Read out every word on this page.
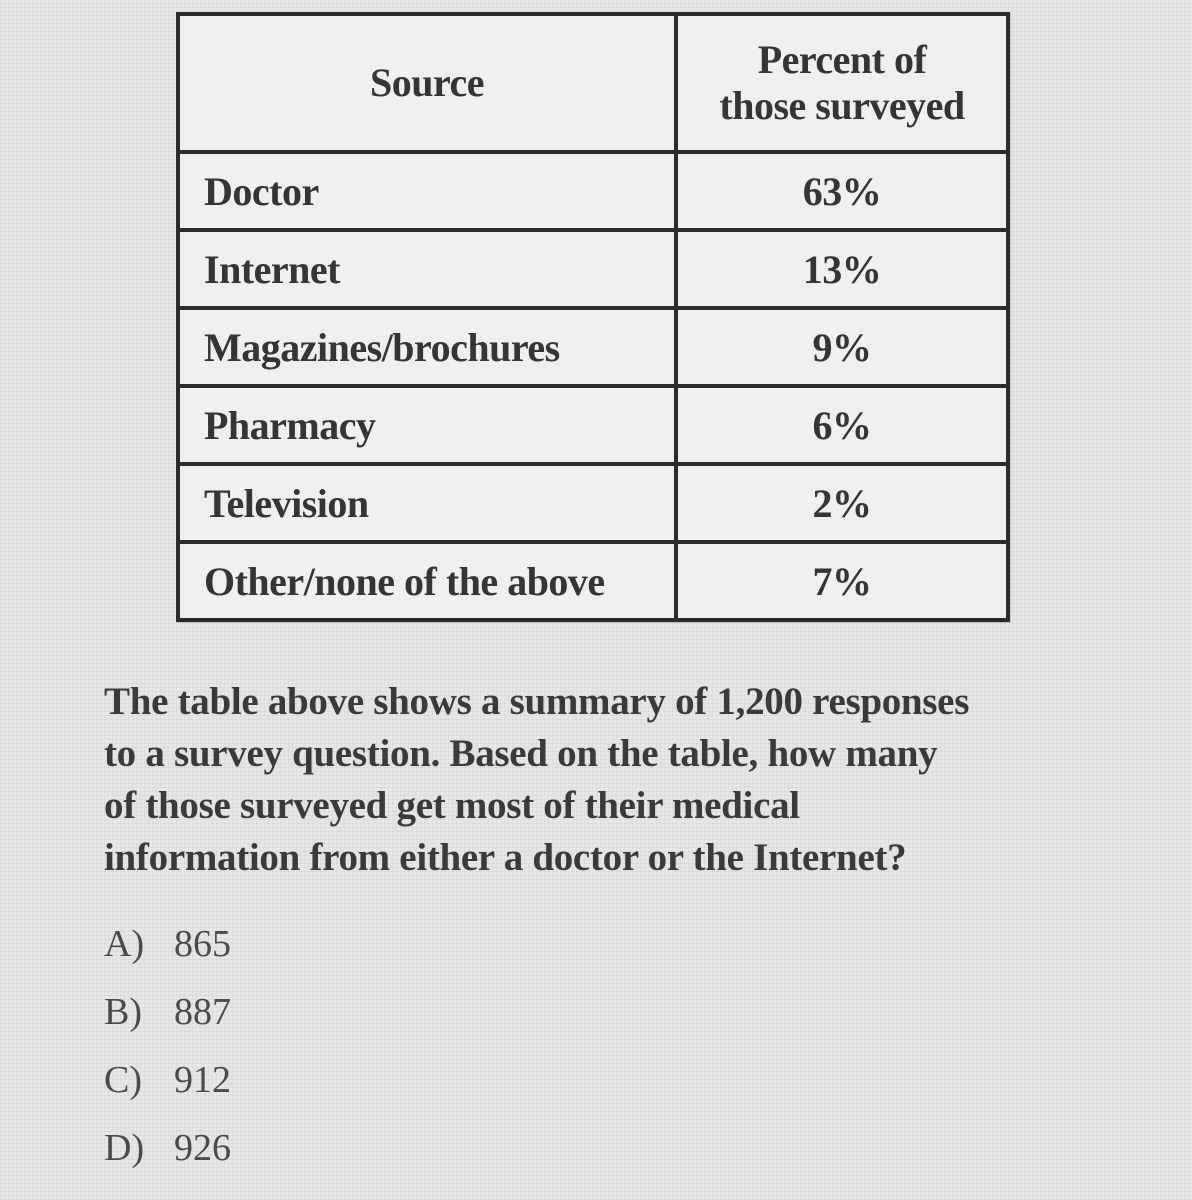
Source	Percent of
those surveyed
Doctor	63%
Internet	13%
Magazines/brochures	9%
Pharmacy	6%
Television	2%
Other/none of the above	7%
The table above shows a summary of 1,200 responses
to a survey question. Based on the table, how many
of those surveyed get most of their medical
information from either a doctor or the Internet?
A) 865
B) 887
C) 912
D) 926
